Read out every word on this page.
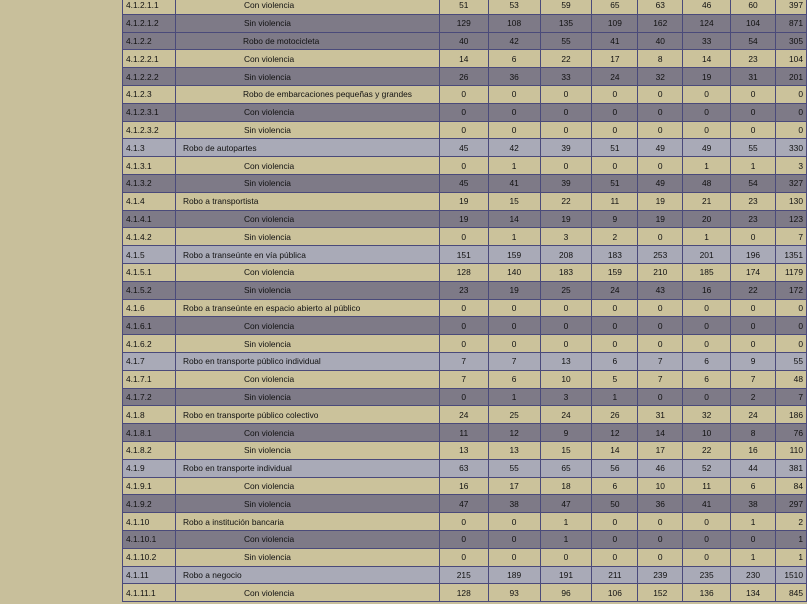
4.1.2.1.1	Con violencia	51	53	59	65	63	46	60	397
4.1.2.1.2	Sin violencia	129	108	135	109	162	124	104	871
4.1.2.2	Robo de motocicleta	40	42	55	41	40	33	54	305
4.1.2.2.1	Con violencia	14	6	22	17	8	14	23	104
4.1.2.2.2	Sin violencia	26	36	33	24	32	19	31	201
4.1.2.3	Robo de embarcaciones pequeñas y grandes	0	0	0	0	0	0	0	0
4.1.2.3.1	Con violencia	0	0	0	0	0	0	0	0
4.1.2.3.2	Sin violencia	0	0	0	0	0	0	0	0
4.1.3	Robo de autopartes	45	42	39	51	49	49	55	330
4.1.3.1	Con violencia	0	1	0	0	0	1	1	3
4.1.3.2	Sin violencia	45	41	39	51	49	48	54	327
4.1.4	Robo a transportista	19	15	22	11	19	21	23	130
4.1.4.1	Con violencia	19	14	19	9	19	20	23	123
4.1.4.2	Sin violencia	0	1	3	2	0	1	0	7
4.1.5	Robo a transeúnte en vía pública	151	159	208	183	253	201	196	1351
4.1.5.1	Con violencia	128	140	183	159	210	185	174	1179
4.1.5.2	Sin violencia	23	19	25	24	43	16	22	172
4.1.6	Robo a transeúnte en espacio abierto al público	0	0	0	0	0	0	0	0
4.1.6.1	Con violencia	0	0	0	0	0	0	0	0
4.1.6.2	Sin violencia	0	0	0	0	0	0	0	0
4.1.7	Robo en transporte público individual	7	7	13	6	7	6	9	55
4.1.7.1	Con violencia	7	6	10	5	7	6	7	48
4.1.7.2	Sin violencia	0	1	3	1	0	0	2	7
4.1.8	Robo en transporte público colectivo	24	25	24	26	31	32	24	186
4.1.8.1	Con violencia	11	12	9	12	14	10	8	76
4.1.8.2	Sin violencia	13	13	15	14	17	22	16	110
4.1.9	Robo en transporte individual	63	55	65	56	46	52	44	381
4.1.9.1	Con violencia	16	17	18	6	10	11	6	84
4.1.9.2	Sin violencia	47	38	47	50	36	41	38	297
4.1.10	Robo a institución bancaria	0	0	1	0	0	0	1	2
4.1.10.1	Con violencia	0	0	1	0	0	0	0	1
4.1.10.2	Sin violencia	0	0	0	0	0	0	1	1
4.1.11	Robo a negocio	215	189	191	211	239	235	230	1510
4.1.11.1	Con violencia	128	93	96	106	152	136	134	845
